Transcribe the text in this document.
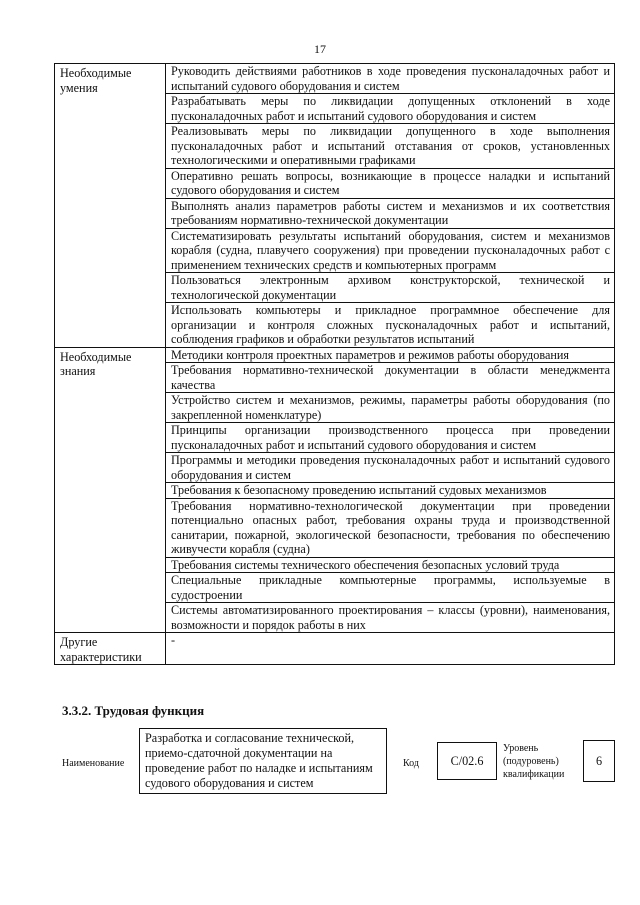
17
Необходимые
умения	Руководить действиями работников в ходе проведения пусконаладочных работ и испытаний судового оборудования и систем
	Разрабатывать меры по ликвидации допущенных отклонений в ходе пусконаладочных работ и испытаний судового оборудования и систем
	Реализовывать меры по ликвидации допущенного в ходе выполнения пусконаладочных работ и испытаний отставания от сроков, установленных технологическими и оперативными графиками
	Оперативно решать вопросы, возникающие в процессе наладки и испытаний судового оборудования и систем
	Выполнять анализ параметров работы систем и механизмов и их соответствия требованиям нормативно-технической документации
	Систематизировать результаты испытаний оборудования, систем и механизмов корабля (судна, плавучего сооружения) при проведении пусконаладочных работ с применением технических средств и компьютерных программ
	Пользоваться электронным архивом конструкторской, технической и технологической документации
	Использовать компьютеры и прикладное программное обеспечение для организации и контроля сложных пусконаладочных работ и испытаний, соблюдения графиков и обработки результатов испытаний

Необходимые
знания	Методики контроля проектных параметров и режимов работы оборудования
	Требования нормативно-технической документации в области менеджмента качества
	Устройство систем и механизмов, режимы, параметры работы оборудования (по закрепленной номенклатуре)
	Принципы организации производственного процесса при проведении пусконаладочных работ и испытаний судового оборудования и систем
	Программы и методики проведения пусконаладочных работ и испытаний судового оборудования и систем
	Требования к безопасному проведению испытаний судовых механизмов
	Требования нормативно-технологической документации при проведении потенциально опасных работ, требования охраны труда и производственной санитарии, пожарной, экологической безопасности, требования по обеспечению живучести корабля (судна)
	Требования системы технического обеспечения безопасных условий труда
	Специальные прикладные компьютерные программы, используемые в судостроении
	Системы автоматизированного проектирования – классы (уровни), наименования, возможности и порядок работы в них

Другие
характеристики	-
3.3.2. Трудовая функция
Наименование
Разработка и согласование технической, приемо-сдаточной документации на проведение работ по наладке и испытаниям судового оборудования и систем
Код	C/02.6
Уровень
(подуровень)
квалификации
6
